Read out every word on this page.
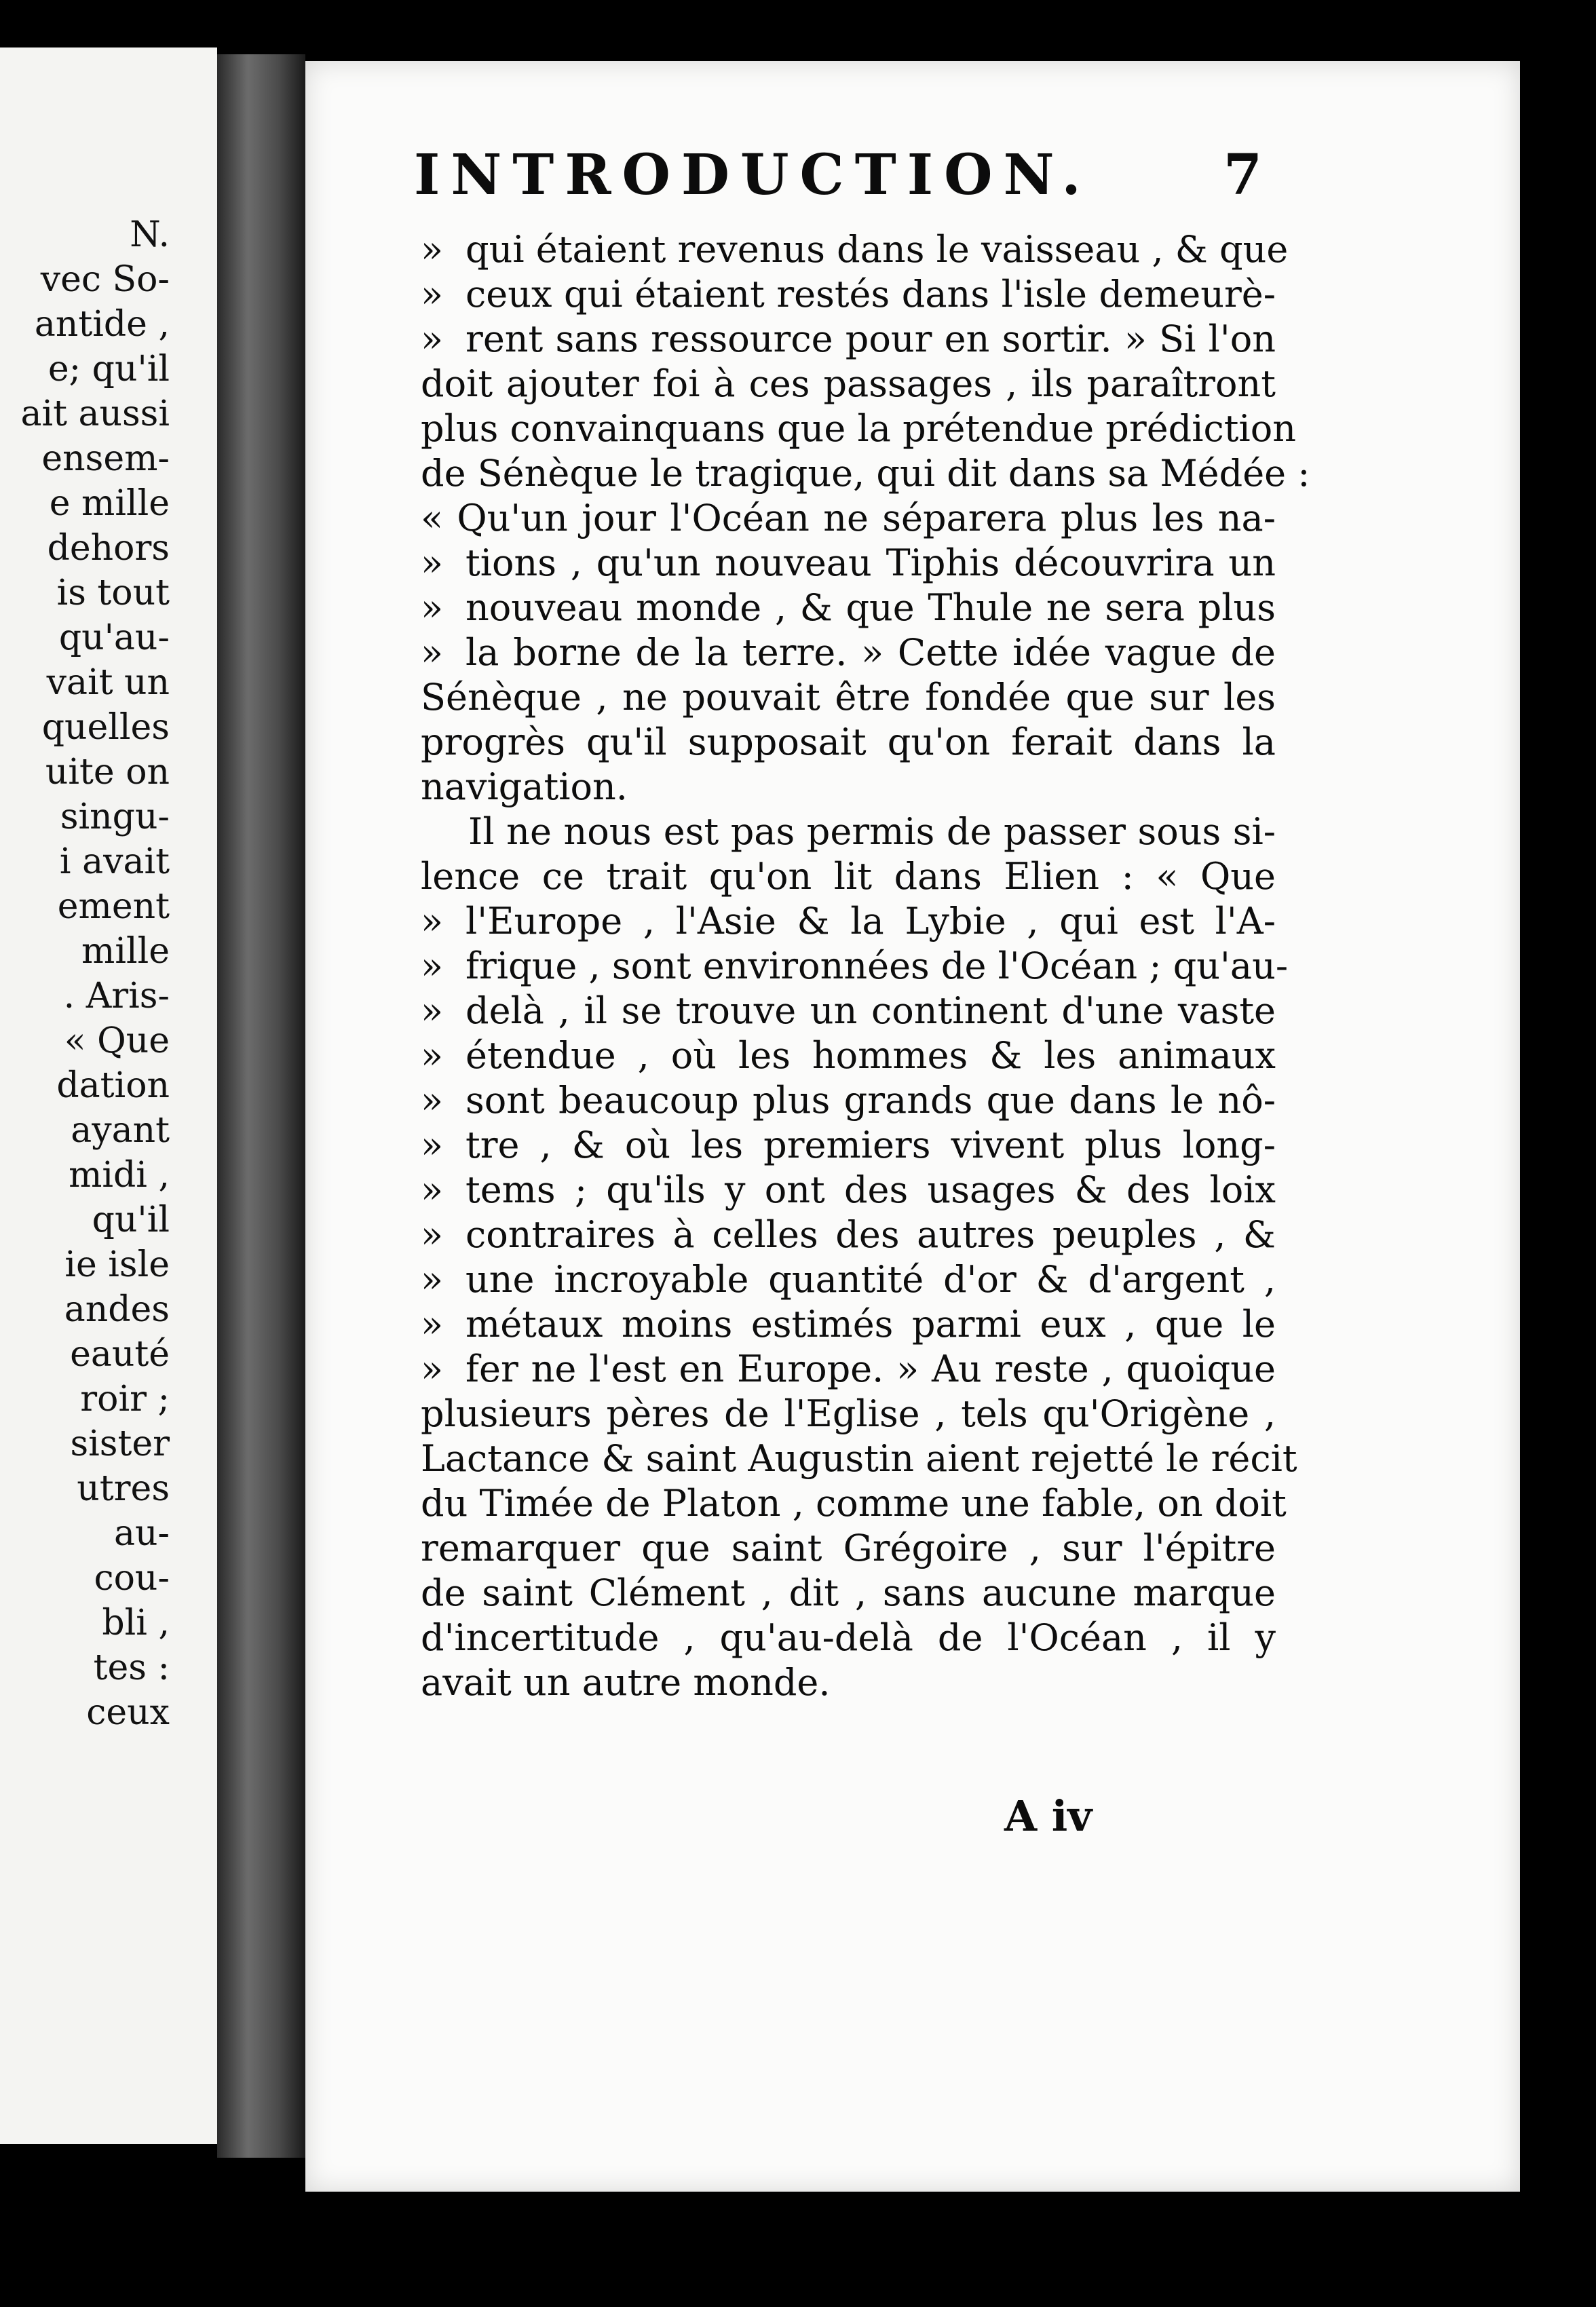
N.
vec So-
antide ,
e; qu'il
ait aussi
ensem-
e mille
dehors
is tout
qu'au-
vait un
quelles
uite on
singu-
i avait
ement
mille
. Aris-
« Que
dation
ayant
midi ,
qu'il
ie isle
andes
eauté
roir ;
sister
utres
au-
cou-
bli ,
tes :
ceux
INTRODUCTION. 7
» qui étaient revenus dans le vaisseau , & que
» ceux qui étaient restés dans l'isle demeurè-
» rent sans ressource pour en sortir. » Si l'on
doit ajouter foi à ces passages , ils paraîtront
plus convainquans que la prétendue prédiction
de Sénèque le tragique, qui dit dans sa Médée :
« Qu'un jour l'Océan ne séparera plus les na-
» tions , qu'un nouveau Tiphis découvrira un
» nouveau monde , & que Thule ne sera plus
» la borne de la terre. » Cette idée vague de
Sénèque , ne pouvait être fondée que sur les
progrès qu'il supposait qu'on ferait dans la
navigation.
Il ne nous est pas permis de passer sous si-
lence ce trait qu'on lit dans Elien : « Que
» l'Europe , l'Asie & la Lybie , qui est l'A-
» frique , sont environnées de l'Océan ; qu'au-
» delà , il se trouve un continent d'une vaste
» étendue , où les hommes & les animaux
» sont beaucoup plus grands que dans le nô-
» tre , & où les premiers vivent plus long-
» tems ; qu'ils y ont des usages & des loix
» contraires à celles des autres peuples , &
» une incroyable quantité d'or & d'argent ,
» métaux moins estimés parmi eux , que le
» fer ne l'est en Europe. » Au reste , quoique
plusieurs pères de l'Eglise , tels qu'Origène ,
Lactance & saint Augustin aient rejetté le récit
du Timée de Platon , comme une fable, on doit
remarquer que saint Grégoire , sur l'épitre
de saint Clément , dit , sans aucune marque
d'incertitude , qu'au-delà de l'Océan , il y
avait un autre monde.
A iv
